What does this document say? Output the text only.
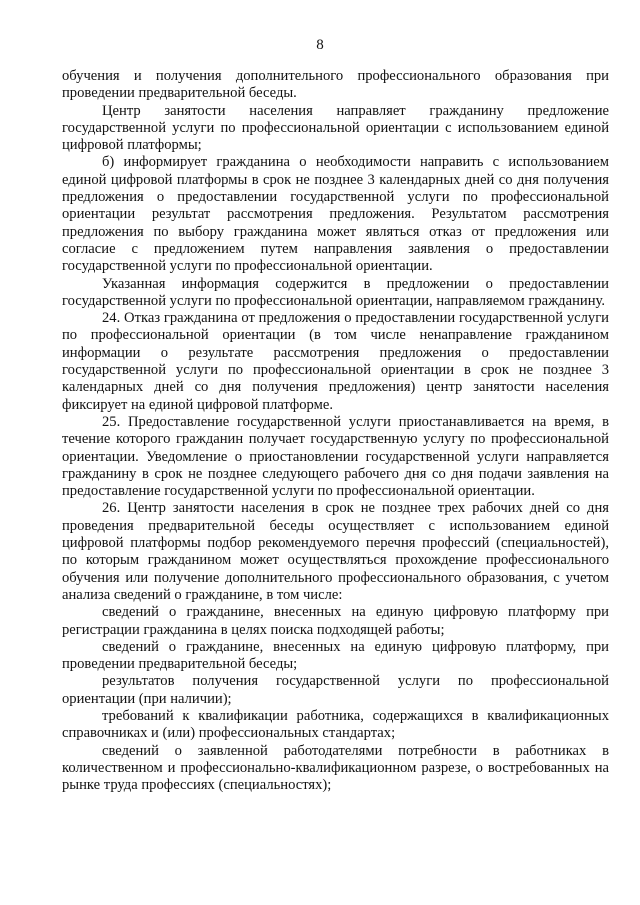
8

обучения и получения дополнительного профессионального образования при проведении предварительной беседы.

Центр занятости населения направляет гражданину предложение государственной услуги по профессиональной ориентации с использованием единой цифровой платформы;

б) информирует гражданина о необходимости направить с использованием единой цифровой платформы в срок не позднее 3 календарных дней со дня получения предложения о предоставлении государственной услуги по профессиональной ориентации результат рассмотрения предложения. Результатом рассмотрения предложения по выбору гражданина может являться отказ от предложения или согласие с предложением путем направления заявления о предоставлении государственной услуги по профессиональной ориентации.

Указанная информация содержится в предложении о предоставлении государственной услуги по профессиональной ориентации, направляемом гражданину.

24. Отказ гражданина от предложения о предоставлении государственной услуги по профессиональной ориентации (в том числе ненаправление гражданином информации о результате рассмотрения предложения о предоставлении государственной услуги по профессиональной ориентации в срок не позднее 3 календарных дней со дня получения предложения) центр занятости населения фиксирует на единой цифровой платформе.

25. Предоставление государственной услуги приостанавливается на время, в течение которого гражданин получает государственную услугу по профессиональной ориентации. Уведомление о приостановлении государственной услуги направляется гражданину в срок не позднее следующего рабочего дня со дня подачи заявления на предоставление государственной услуги по профессиональной ориентации.

26. Центр занятости населения в срок не позднее трех рабочих дней со дня проведения предварительной беседы осуществляет с использованием единой цифровой платформы подбор рекомендуемого перечня профессий (специальностей), по которым гражданином может осуществляться прохождение профессионального обучения или получение дополнительного профессионального образования, с учетом анализа сведений о гражданине, в том числе:

сведений о гражданине, внесенных на единую цифровую платформу при регистрации гражданина в целях поиска подходящей работы;

сведений о гражданине, внесенных на единую цифровую платформу, при проведении предварительной беседы;

результатов получения государственной услуги по профессиональной ориентации (при наличии);

требований к квалификации работника, содержащихся в квалификационных справочниках и (или) профессиональных стандартах;

сведений о заявленной работодателями потребности в работниках в количественном и профессионально-квалификационном разрезе, о востребованных на рынке труда профессиях (специальностях);
